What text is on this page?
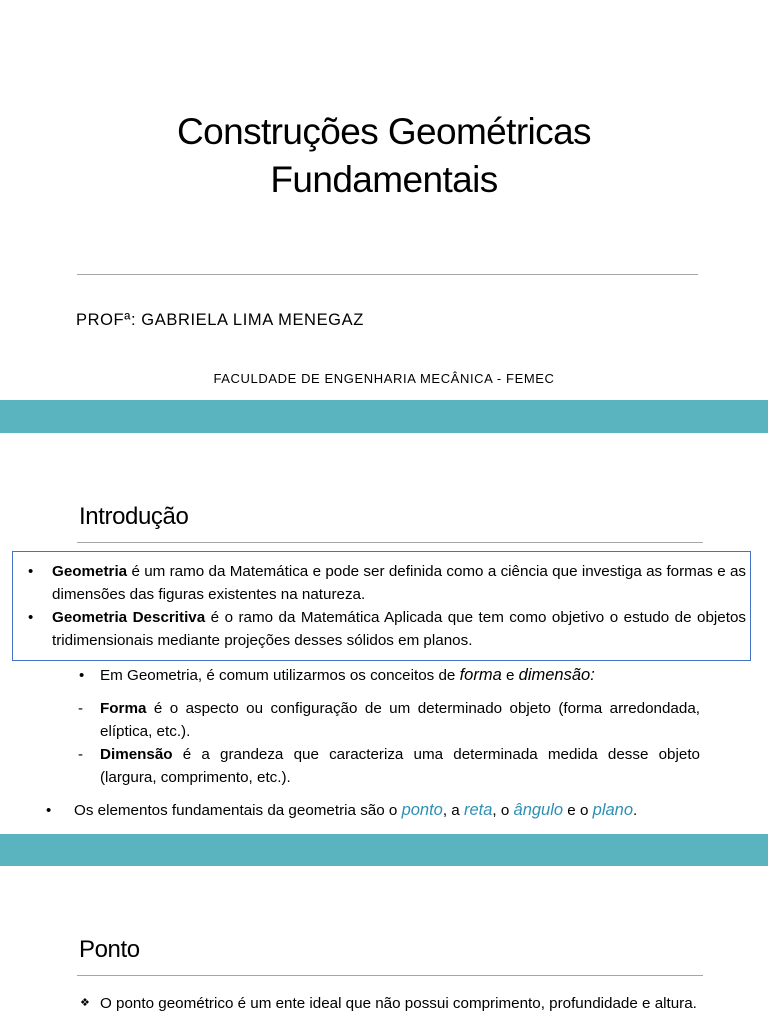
Construções Geométricas
Fundamentais
PROFª: GABRIELA LIMA MENEGAZ
FACULDADE DE ENGENHARIA MECÂNICA - FEMEC
Introdução
• Geometria é um ramo da Matemática e pode ser definida como a ciência que investiga as formas e as dimensões das figuras existentes na natureza.
• Geometria Descritiva é o ramo da Matemática Aplicada que tem como objetivo o estudo de objetos tridimensionais mediante projeções desses sólidos em planos.
• Em Geometria, é comum utilizarmos os conceitos de forma e dimensão:
- Forma é o aspecto ou configuração de um determinado objeto (forma arredondada, elíptica, etc.).
- Dimensão é a grandeza que caracteriza uma determinada medida desse objeto (largura, comprimento, etc.).
• Os elementos fundamentais da geometria são o ponto, a reta, o ângulo e o plano.
Ponto
❖ O ponto geométrico é um ente ideal que não possui comprimento, profundidade e altura.
